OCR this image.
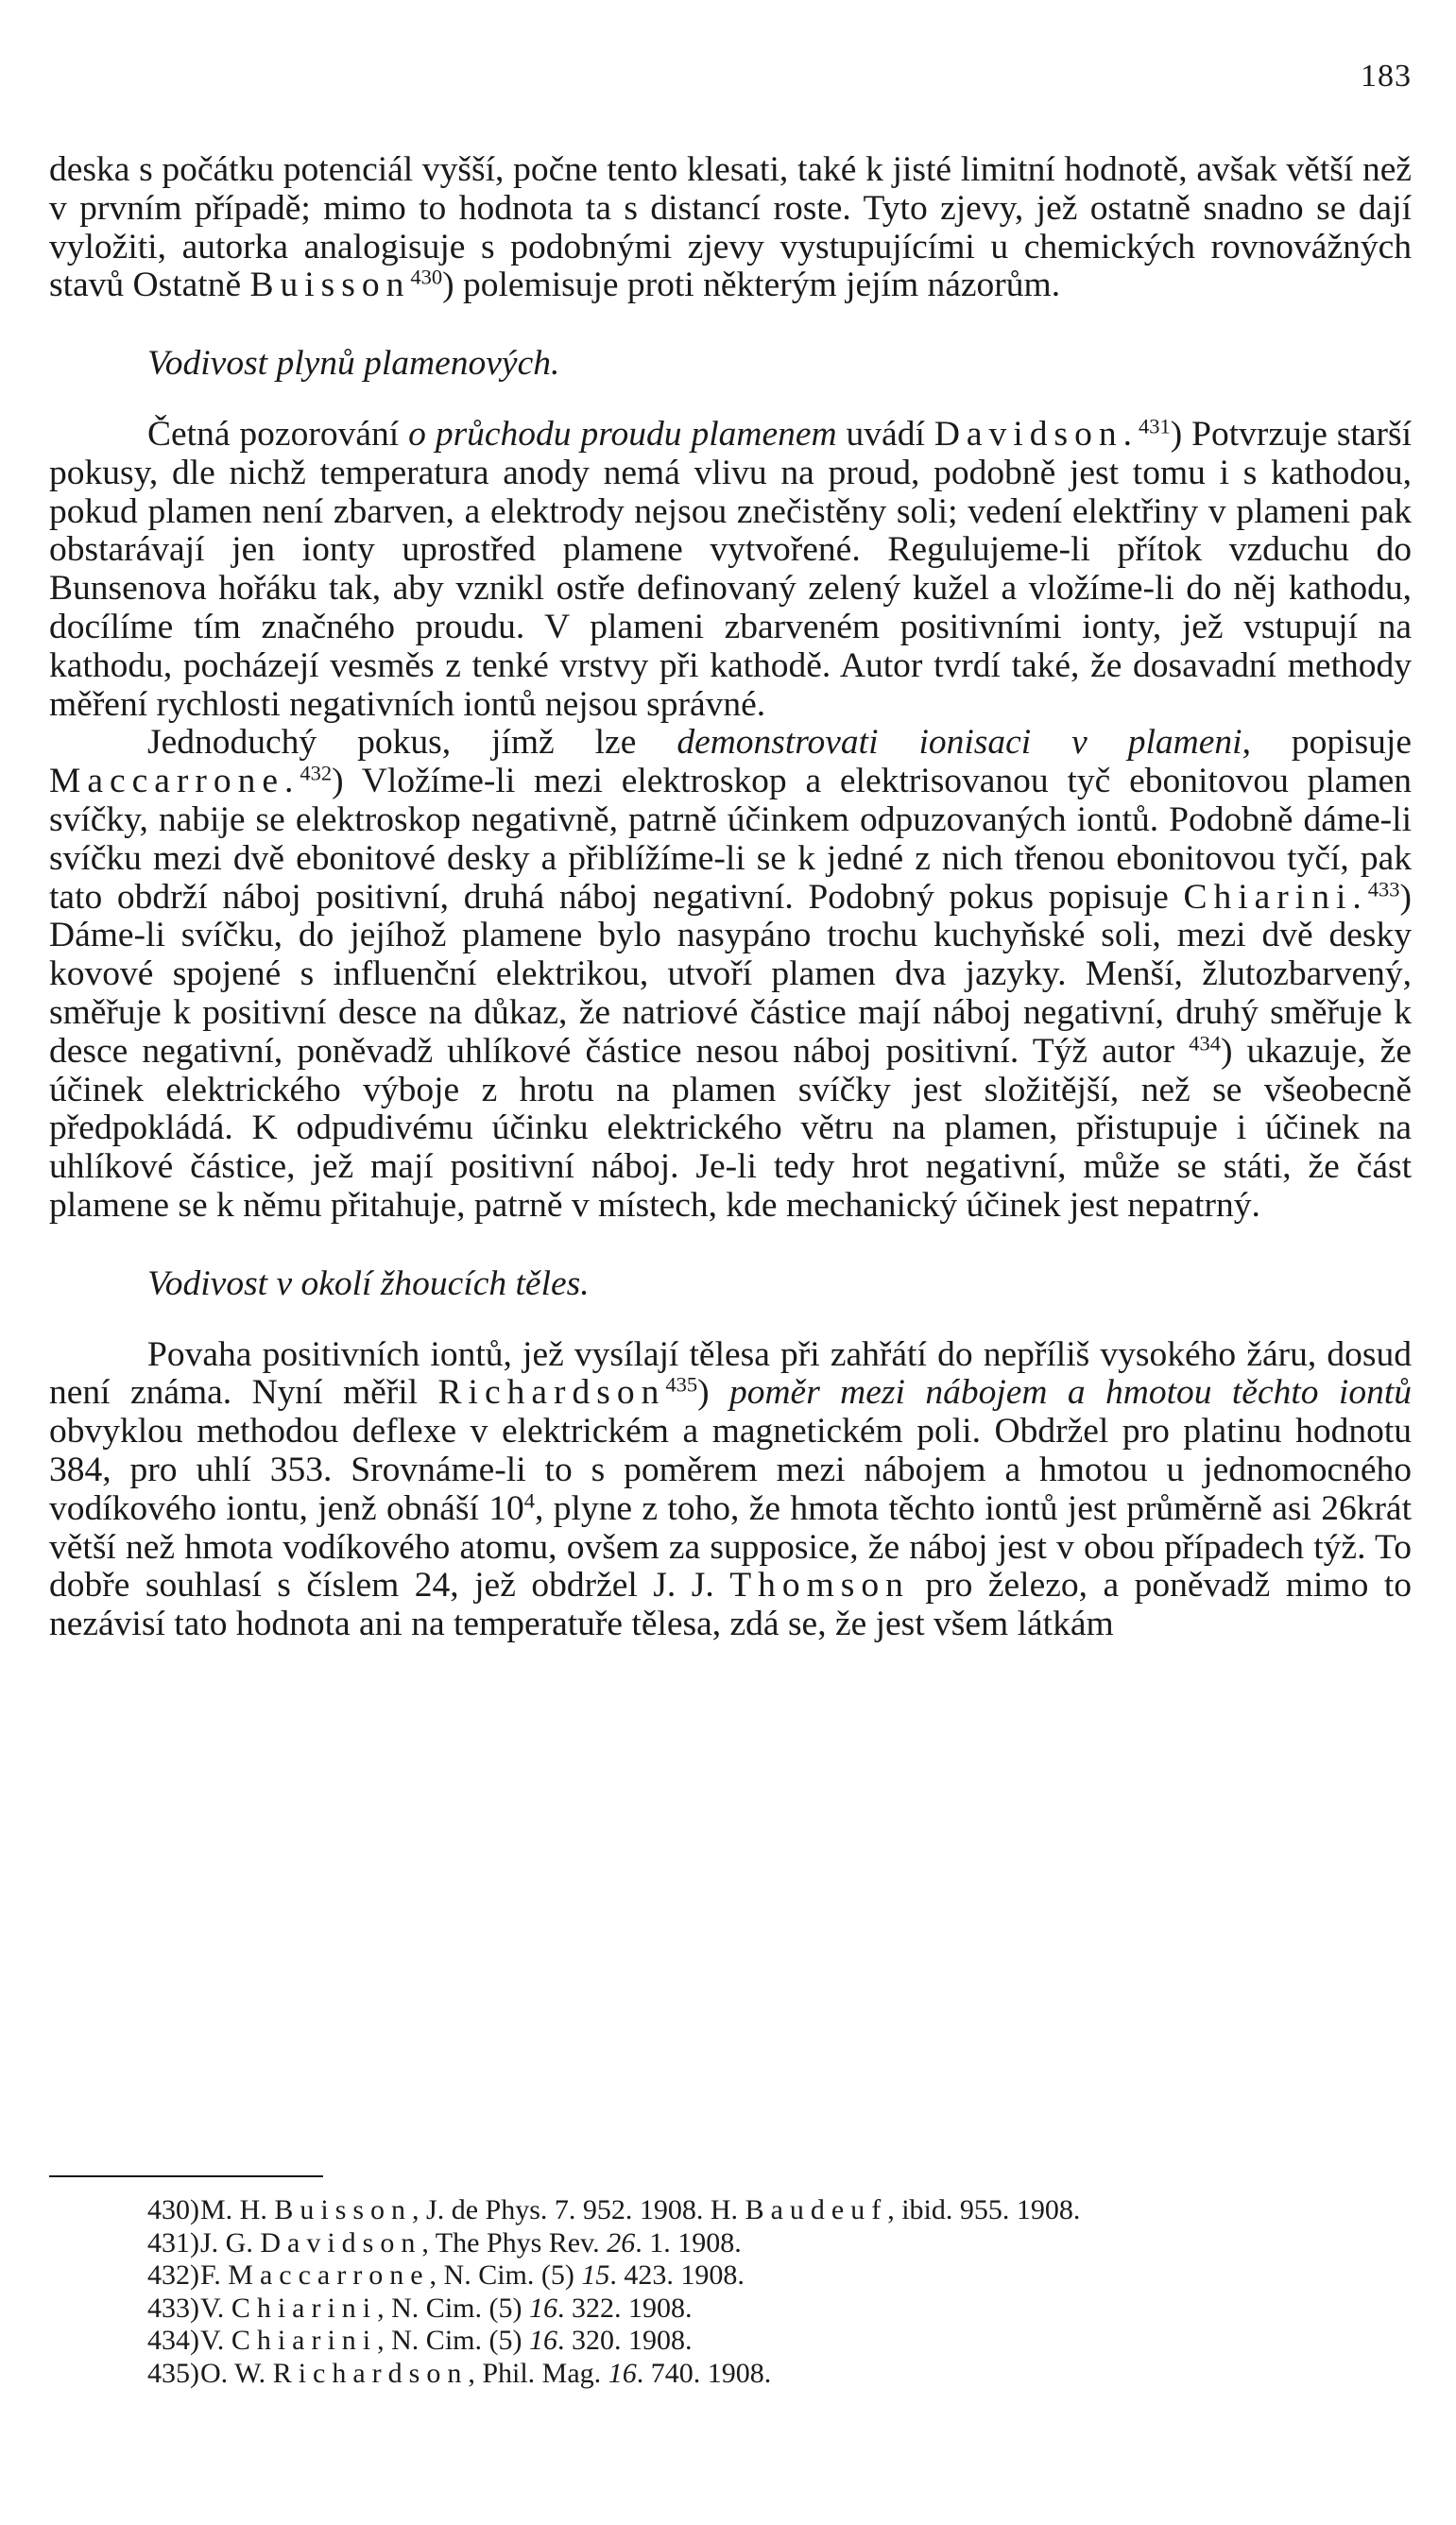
183

deska s počátku potenciál vyšší, počne tento klesati, také k jisté limitní hodnotě, avšak větší než v prvním případě; mimo to hodnota ta s distancí roste. Tyto zjevy, jež ostatně snadno se dají vyložiti, autorka analogisuje s podobnými zjevy vystupujícími u chemických rovnovážných stavů Ostatně Buisson$^{430}$) polemisuje proti některým jejím názorům.

Vodivost plynů plamenových.

Četná pozorování o průchodu proudu plamenem uvádí Davidson.$^{431}$) Potvrzuje starší pokusy, dle nichž temperatura anody nemá vlivu na proud, podobně jest tomu i s kathodou, pokud plamen není zbarven, a elektrody nejsou znečistěny soli; vedení elektřiny v plameni pak obstarávají jen ionty uprostřed plamene vytvořené. Regulujeme-li přítok vzduchu do Bunsenova hořáku tak, aby vznikl ostře definovaný zelený kužel a vložíme-li do něj kathodu, docílíme tím značného proudu. V plameni zbarveném positivními ionty, jež vstupují na kathodu, pocházejí vesměs z tenké vrstvy při kathodě. Autor tvrdí také, že dosavadní methody měření rychlosti negativních iontů nejsou správné.

Jednoduchý pokus, jímž lze demonstrovati ionisaci v plameni, popisuje Maccarrone.$^{432}$) Vložíme-li mezi elektroskop a elektrisovanou tyč ebonitovou plamen svíčky, nabije se elektroskop negativně, patrně účinkem odpuzovaných iontů. Podobně dáme-li svíčku mezi dvě ebonitové desky a přiblížíme-li se k jedné z nich třenou ebonitovou tyčí, pak tato obdrží náboj positivní, druhá náboj negativní. Podobný pokus popisuje Chiarini.$^{433}$) Dáme-li svíčku, do jejíhož plamene bylo nasypáno trochu kuchyňské soli, mezi dvě desky kovové spojené s influenční elektrikou, utvoří plamen dva jazyky. Menší, žlutozbarvený, směřuje k positivní desce na důkaz, že natriové částice mají náboj negativní, druhý směřuje k desce negativní, poněvadž uhlíkové částice nesou náboj positivní. Týž autor $^{434}$) ukazuje, že účinek elektrického výboje z hrotu na plamen svíčky jest složitější, než se všeobecně předpokládá. K odpudivému účinku elektrického větru na plamen, přistupuje i účinek na uhlíkové částice, jež mají positivní náboj. Je-li tedy hrot negativní, může se státi, že část plamene se k němu přitahuje, patrně v místech, kde mechanický účinek jest nepatrný.

Vodivost v okolí žhoucích těles.

Povaha positivních iontů, jež vysílají tělesa při zahřátí do nepříliš vysokého žáru, dosud není známa. Nyní měřil Richardson$^{435}$) poměr mezi nábojem a hmotou těchto iontů obvyklou methodou deflexe v elektrickém a magnetickém poli. Obdržel pro platinu hodnotu 384, pro uhlí 353. Srovnáme-li to s poměrem mezi nábojem a hmotou u jednomocného vodíkového iontu, jenž obnáší $10^4$, plyne z toho, že hmota těchto iontů jest průměrně asi 26krát větší než hmota vodíkového atomu, ovšem za supposice, že náboj jest v obou případech týž. To dobře souhlasí s číslem 24, jež obdržel J. J. Thomson pro železo, a poněvadž mimo to nezávisí tato hodnota ani na temperatuře tělesa, zdá se, že jest všem látkám

430)M. H. Buisson, J. de Phys. 7. 952. 1908. H. Baudeuf, ibid. 955. 1908.
431)J. G. Davidson, The Phys Rev. 26. 1. 1908.
432)F. Maccarrone, N. Cim. (5) 15. 423. 1908.
433)V. Chiarini, N. Cim. (5) 16. 322. 1908.
434)V. Chiarini, N. Cim. (5) 16. 320. 1908.
435)O. W. Richardson, Phil. Mag. 16. 740. 1908.
